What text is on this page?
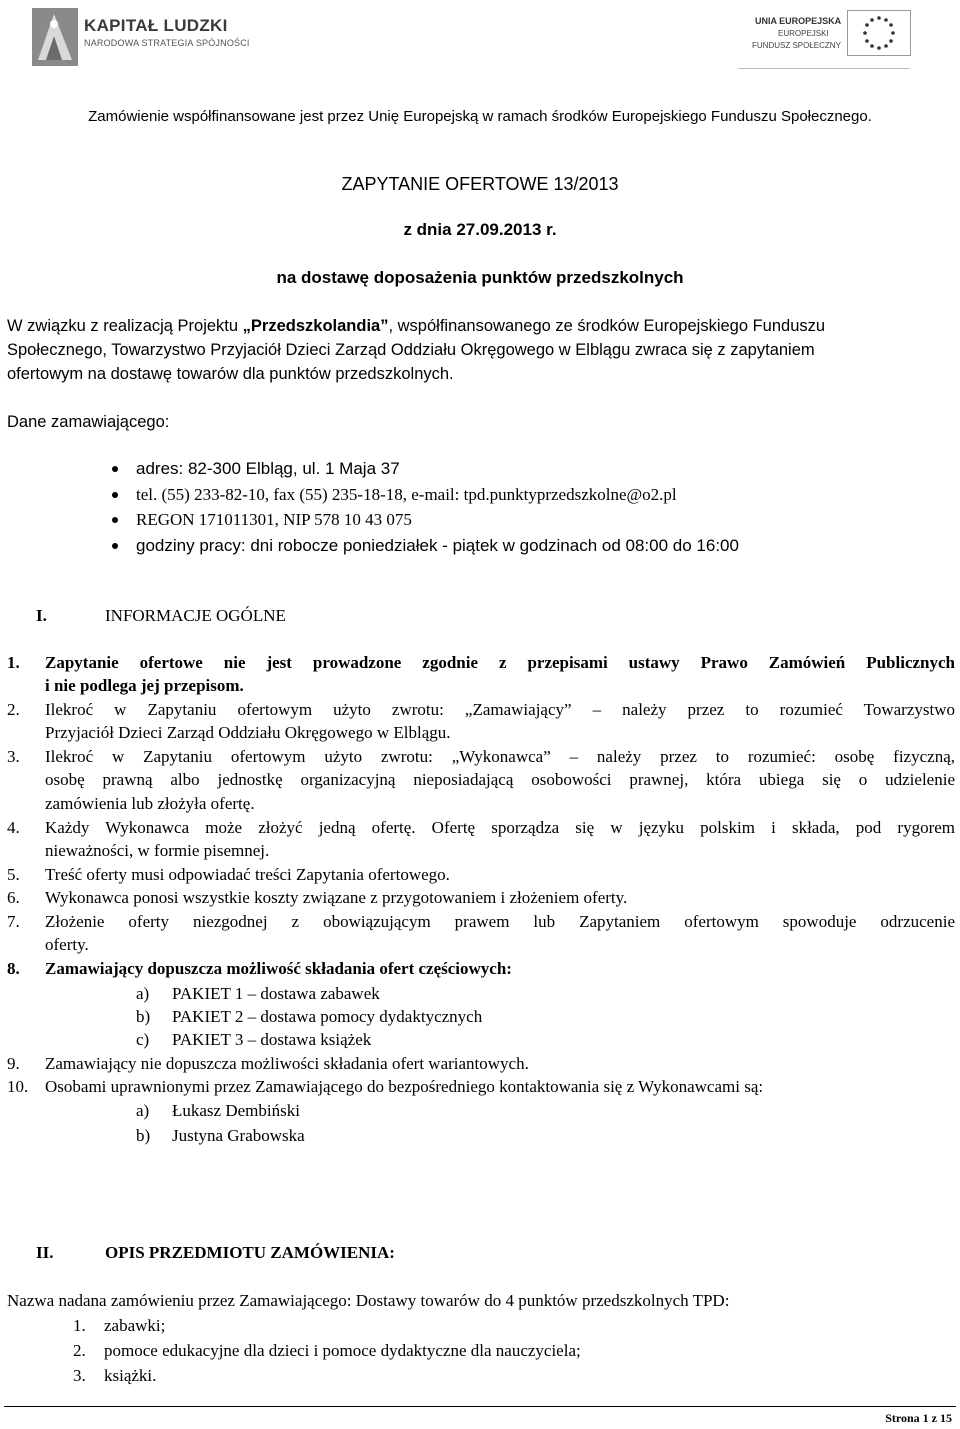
KAPITAŁ LUDZKI
NARODOWA STRATEGIA SPÓJNOŚCI
UNIA EUROPEJSKA
EUROPEJSKI
FUNDUSZ SPOŁECZNY
Zamówienie współfinansowane jest przez Unię Europejską w ramach środków Europejskiego Funduszu Społecznego.
ZAPYTANIE OFERTOWE 13/2013
z dnia 27.09.2013 r.
na dostawę doposażenia punktów przedszkolnych
W związku z realizacją Projektu „Przedszkolandia”, współfinansowanego ze środków Europejskiego Funduszu
Społecznego, Towarzystwo Przyjaciół Dzieci Zarząd Oddziału Okręgowego w Elblągu zwraca się z zapytaniem
ofertowym na dostawę towarów dla punktów przedszkolnych.
Dane zamawiającego:
adres: 82-300 Elbląg, ul. 1 Maja 37
tel. (55) 233-82-10, fax (55) 235-18-18, e-mail: tpd.punktyprzedszkolne@o2.pl
REGON 171011301, NIP 578 10 43 075
godziny pracy: dni robocze poniedziałek - piątek w godzinach od 08:00 do 16:00
I.	INFORMACJE OGÓLNE
1. Zapytanie ofertowe nie jest prowadzone zgodnie z przepisami ustawy Prawo Zamówień Publicznych
i nie podlega jej przepisom.
2. Ilekroć w Zapytaniu ofertowym użyto zwrotu: „Zamawiający” – należy przez to rozumieć Towarzystwo
Przyjaciół Dzieci Zarząd Oddziału Okręgowego w Elblągu.
3. Ilekroć w Zapytaniu ofertowym użyto zwrotu: „Wykonawca” – należy przez to rozumieć: osobę fizyczną,
osobę prawną albo jednostkę organizacyjną nieposiadającą osobowości prawnej, która ubiega się o udzielenie
zamówienia lub złożyła ofertę.
4. Każdy Wykonawca może złożyć jedną ofertę. Ofertę sporządza się w języku polskim i składa, pod rygorem
nieważności, w formie pisemnej.
5. Treść oferty musi odpowiadać treści Zapytania ofertowego.
6. Wykonawca ponosi wszystkie koszty związane z przygotowaniem i złożeniem oferty.
7. Złożenie oferty niezgodnej z obowiązującym prawem lub Zapytaniem ofertowym spowoduje odrzucenie
oferty.
8. Zamawiający dopuszcza możliwość składania ofert częściowych:
a) PAKIET 1 – dostawa zabawek
b) PAKIET 2 – dostawa pomocy dydaktycznych
c) PAKIET 3 – dostawa książek
9. Zamawiający nie dopuszcza możliwości składania ofert wariantowych.
10. Osobami uprawnionymi przez Zamawiającego do bezpośredniego kontaktowania się z Wykonawcami są:
a) Łukasz Dembiński
b) Justyna Grabowska
II.	OPIS PRZEDMIOTU ZAMÓWIENIA:
Nazwa nadana zamówieniu przez Zamawiającego: Dostawy towarów do 4 punktów przedszkolnych TPD:
1. zabawki;
2. pomoce edukacyjne dla dzieci i pomoce dydaktyczne dla nauczyciela;
3. książki.
Strona 1 z 15
